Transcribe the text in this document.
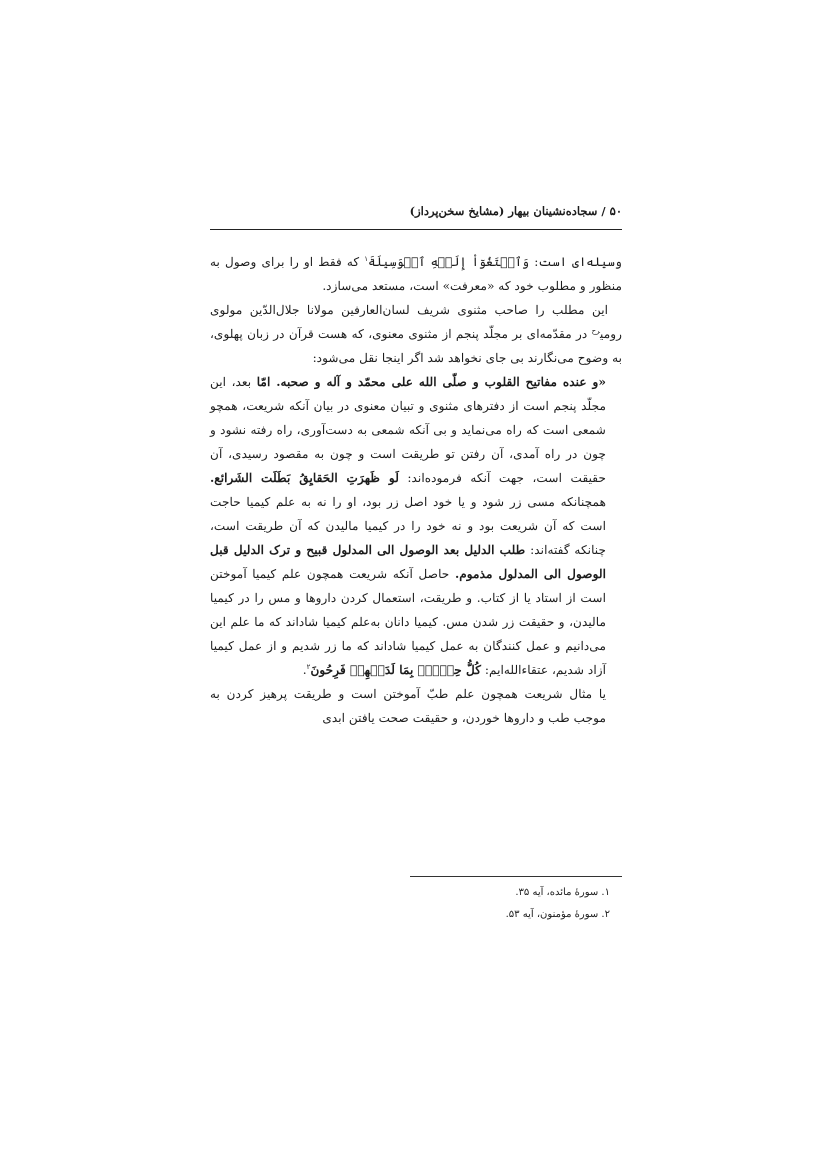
۵۰ / سجاده‌نشینان بیهار (مشایخ سخن‌پرداز)

وسیله‌ای است: وَٱبۡتَغُوٓاْ إِلَيۡهِ ٱلۡوَسِيلَةَ$^۱$ که فقط او را برای وصول به منظور و مطلوب خود که «معرفت» است، مستعد می‌سازد.

این مطلب را صاحب مثنوی شریف لسان‌العارفین مولانا جلال‌الدّین مولوی رومی$^{رح}$ در مقدّمه‌ای بر مجلّد پنجم از مثنوی معنوی، که هست قرآن در زبان پهلوی، به وضوح می‌نگارند بی جای نخواهد شد اگر اینجا نقل می‌شود:

«و عنده مفاتیح القلوب و صلّی الله علی محمّد و آله و صحبه. امّا بعد، این مجلّد پنجم است از دفترهای مثنوی و تبیان معنوی در بیان آنکه شریعت، همچو شمعی است که راه می‌نماید و بی آنکه شمعی به دست‌آوری، راه رفته نشود و چون در راه آمدی، آن رفتن تو طریقت است و چون به مقصود رسیدی، آن حقیقت است، جهت آنکه فرموده‌اند: لَو ظَهرَتِ الحَقایِقُ بَطَلَت الشَرائع. همچنانکه مسی زر شود و یا خود اصل زر بود، او را نه به علم کیمیا حاجت است که آن شریعت بود و نه خود را در کیمیا مالیدن که آن طریقت است، چنانکه گفته‌اند: طلب الدلیل بعد الوصول الی المدلول قبیح و ترک الدلیل قبل الوصول الی المدلول مذموم. حاصل آنکه شریعت همچون علم کیمیا آموختن است از استاد یا از کتاب. و طریقت، استعمال کردن داروها و مس را در کیمیا مالیدن، و حقیقت زر شدن مس. کیمیا دانان به‌علم کیمیا شاداند که ما علم این می‌دانیم و عمل کنندگان به عمل کیمیا شاداند که ما زر شدیم و از عمل کیمیا آزاد شدیم، عتقاءالله‌ایم: كُلُّ حِزۡبِۢ بِمَا لَدَيۡهِمۡ فَرِحُونَ$^۲$.

یا مثال شریعت همچون علم طبّ آموختن است و طریقت پرهیز کردن به موجب طب و داروها خوردن، و حقیقت صحت یافتن ابدی

۱. سورهٔ مائده، آیه ۳۵.
۲. سورهٔ مؤمنون، آیه ۵۳.
